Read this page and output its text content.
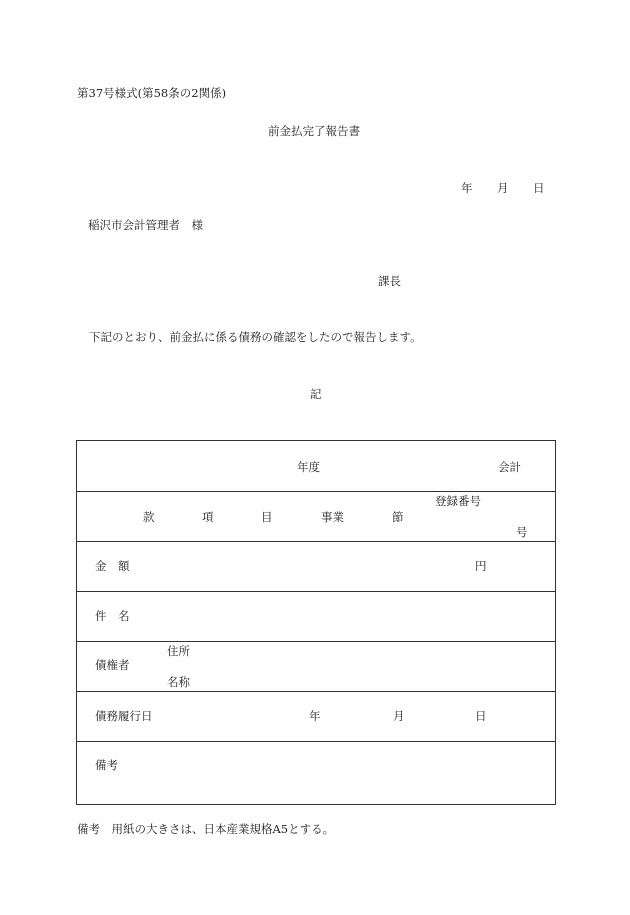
第37号様式(第58条の2関係)
前金払完了報告書
年 月 日
稲沢市会計管理者　様
課長
下記のとおり、前金払に係る債務の確認をしたので報告します。
記
年度	会計
款	項	目	事業	節
登録番号
号
金　額	円
件　名
債権者
住所
名称
債務履行日	年	月	日
備考
備考　用紙の大きさは、日本産業規格A5とする。
